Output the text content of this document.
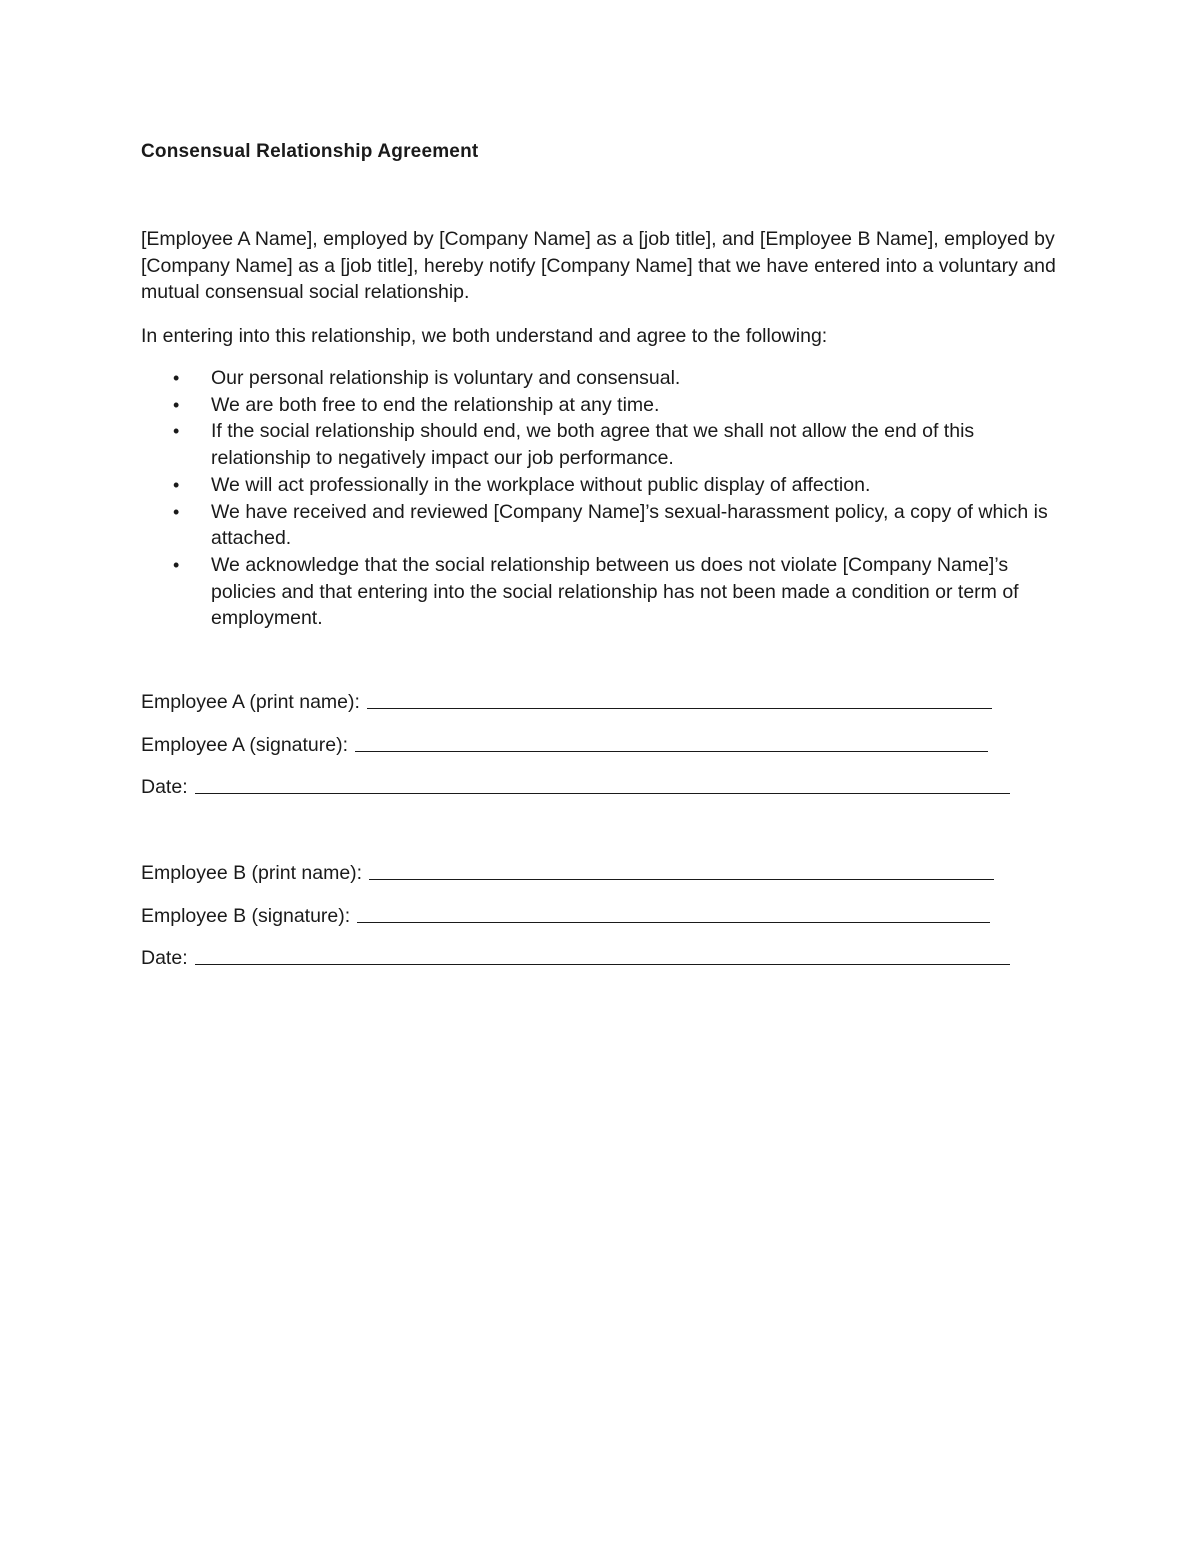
Consensual Relationship Agreement

[Employee A Name], employed by [Company Name] as a [job title], and [Employee B Name], employed by [Company Name] as a [job title], hereby notify [Company Name] that we have entered into a voluntary and mutual consensual social relationship.

In entering into this relationship, we both understand and agree to the following:

• Our personal relationship is voluntary and consensual.
• We are both free to end the relationship at any time.
• If the social relationship should end, we both agree that we shall not allow the end of this relationship to negatively impact our job performance.
• We will act professionally in the workplace without public display of affection.
• We have received and reviewed [Company Name]’s sexual-harassment policy, a copy of which is attached.
• We acknowledge that the social relationship between us does not violate [Company Name]’s policies and that entering into the social relationship has not been made a condition or term of employment.
Employee A (print name):
Employee A (signature):
Date:
Employee B (print name):
Employee B (signature):
Date:
